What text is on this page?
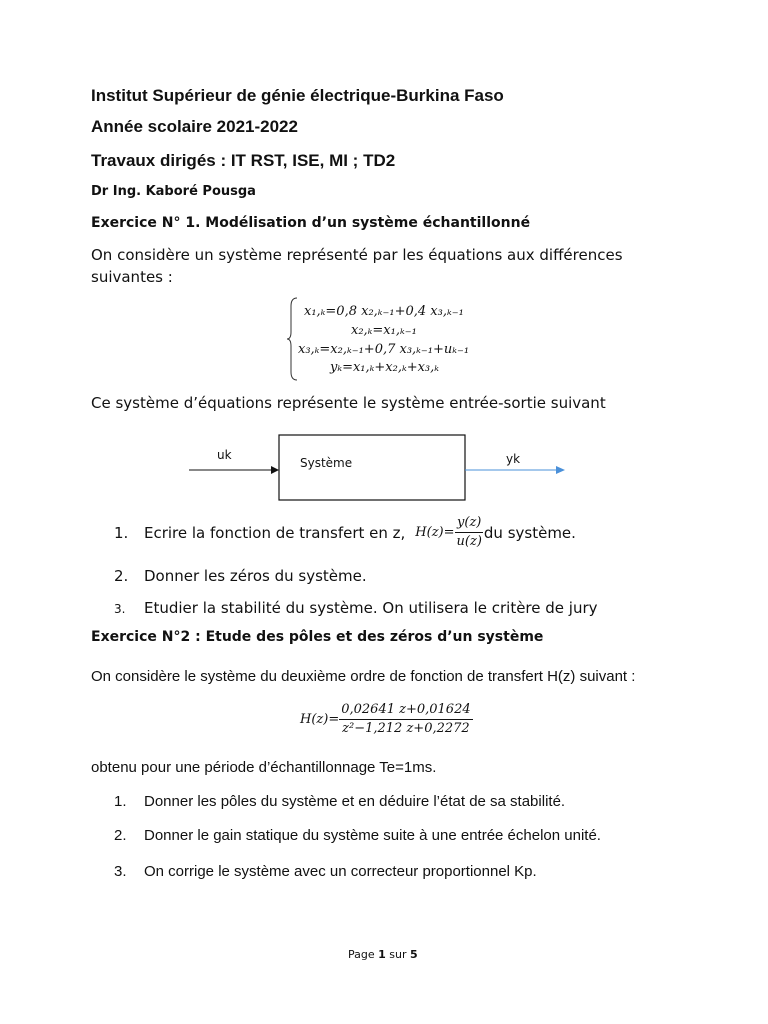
Institut Supérieur de génie électrique-Burkina Faso
Année scolaire 2021-2022
Travaux dirigés : IT RST, ISE, MI ; TD2
Dr Ing. Kaboré Pousga
Exercice N° 1. Modélisation d’un système échantillonné
On considère un système représenté par les équations aux différences
suivantes :
x₁,ₖ=0,8 x₂,ₖ₋₁+0,4 x₃,ₖ₋₁
x₂,ₖ=x₁,ₖ₋₁
x₃,ₖ=x₂,ₖ₋₁+0,7 x₃,ₖ₋₁+uₖ₋₁
yₖ=x₁,ₖ+x₂,ₖ+x₃,ₖ
Ce système d’équations représente le système entrée-sortie suivant
uk
Système	yk
1.	Ecrire la fonction de transfert en z, $H(z)= \frac{y(z)}{u(z)}$ du système.
2. Donner les zéros du système.
3. Etudier la stabilité du système. On utilisera le critère de jury
Exercice N°2 : Etude des pôles et des zéros d’un système
On considère le système du deuxième ordre de fonction de transfert H(z) suivant :
$H(z)= \frac{0,02641 z+0,01624}{\text{z²−1,212 z+0,2272}}$
obtenu pour une période d’échantillonnage Te=1ms.
1. Donner les pôles du système et en déduire l’état de sa stabilité.
2. Donner le gain statique du système suite à une entrée échelon unité.
3. On corrige le système avec un correcteur proportionnel Kp.
Page 1 sur 5
